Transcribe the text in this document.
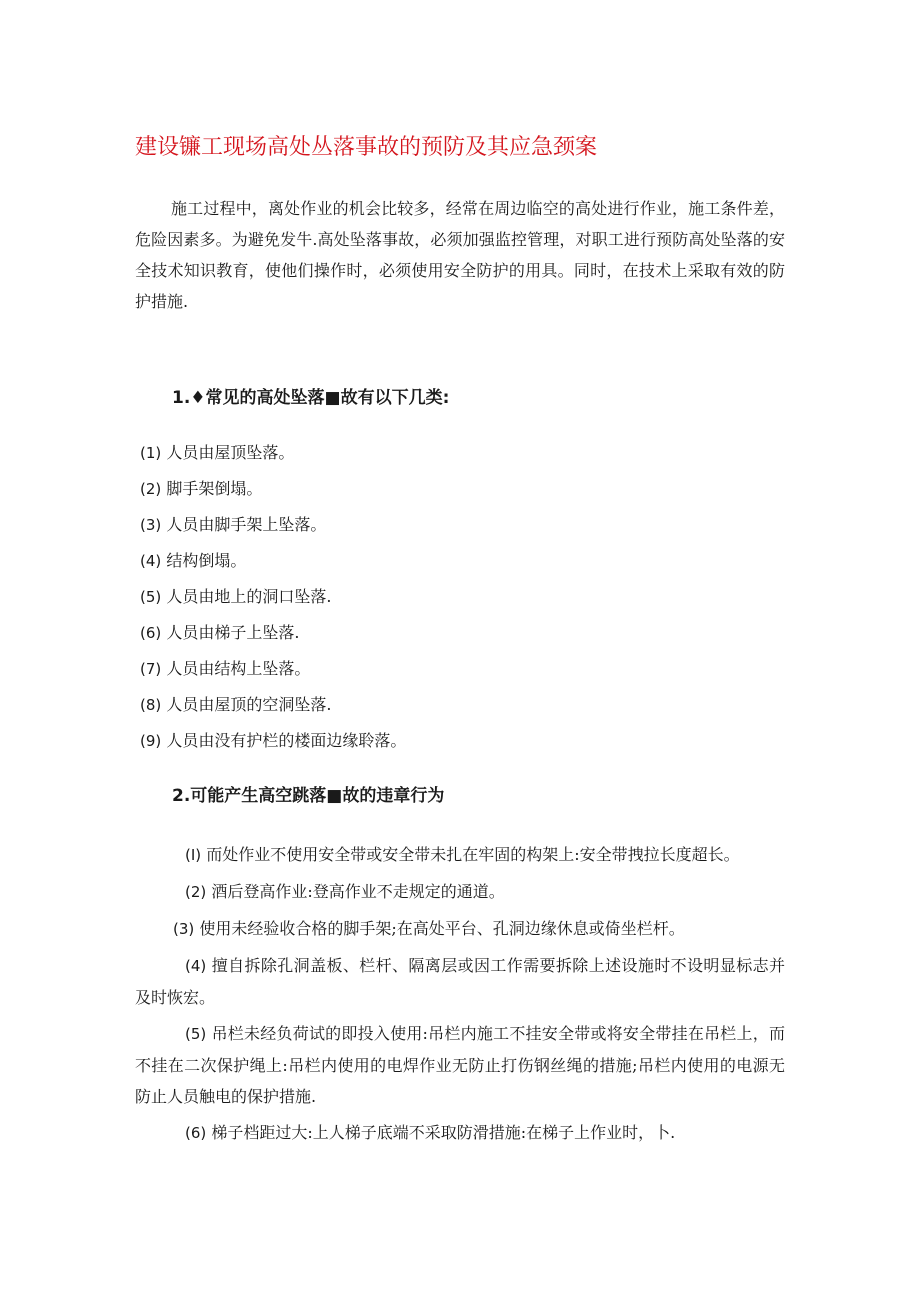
建设镰工现场高处丛落事故的预防及其应急颈案

施工过程中，离处作业的机会比较多，经常在周边临空的高处进行作业，施工条件差，危险因素多。为避免发牛.高处坠落事故，必须加强监控管理，对职工进行预防高处坠落的安全技术知识教育，使他们操作时，必须使用安全防护的用具。同时，在技术上采取有效的防护措施.

1.♦常见的高处坠落■故有以下几类:
(1) 人员由屋顶坠落。
(2) 脚手架倒塌。
(3) 人员由脚手架上坠落。
(4) 结构倒塌。
(5) 人员由地上的洞口坠落.
(6) 人员由梯子上坠落.
(7) 人员由结构上坠落。
(8) 人员由屋顶的空洞坠落.
(9) 人员由没有护栏的楼面边缘聆落。
2.可能产生高空跳落■故的违章行为
(I) 而处作业不使用安全带或安全带未扎在牢固的构架上:安全带拽拉长度超长。
(2) 酒后登高作业:登高作业不走规定的通道。
(3) 使用未经验收合格的脚手架;在高处平台、孔洞边缘休息或倚坐栏杆。
(4) 擅自拆除孔洞盖板、栏杆、隔离层或因工作需要拆除上述设施时不设明显标志并及时恢宏。
(5) 吊栏未经负荷试的即投入使用:吊栏内施工不挂安全带或将安全带挂在吊栏上，而不挂在二次保护绳上:吊栏内使用的电焊作业无防止打伤钢丝绳的措施;吊栏内使用的电源无防止人员触电的保护措施.
(6) 梯子档距过大:上人梯子底端不采取防滑措施:在梯子上作业时，卜.
